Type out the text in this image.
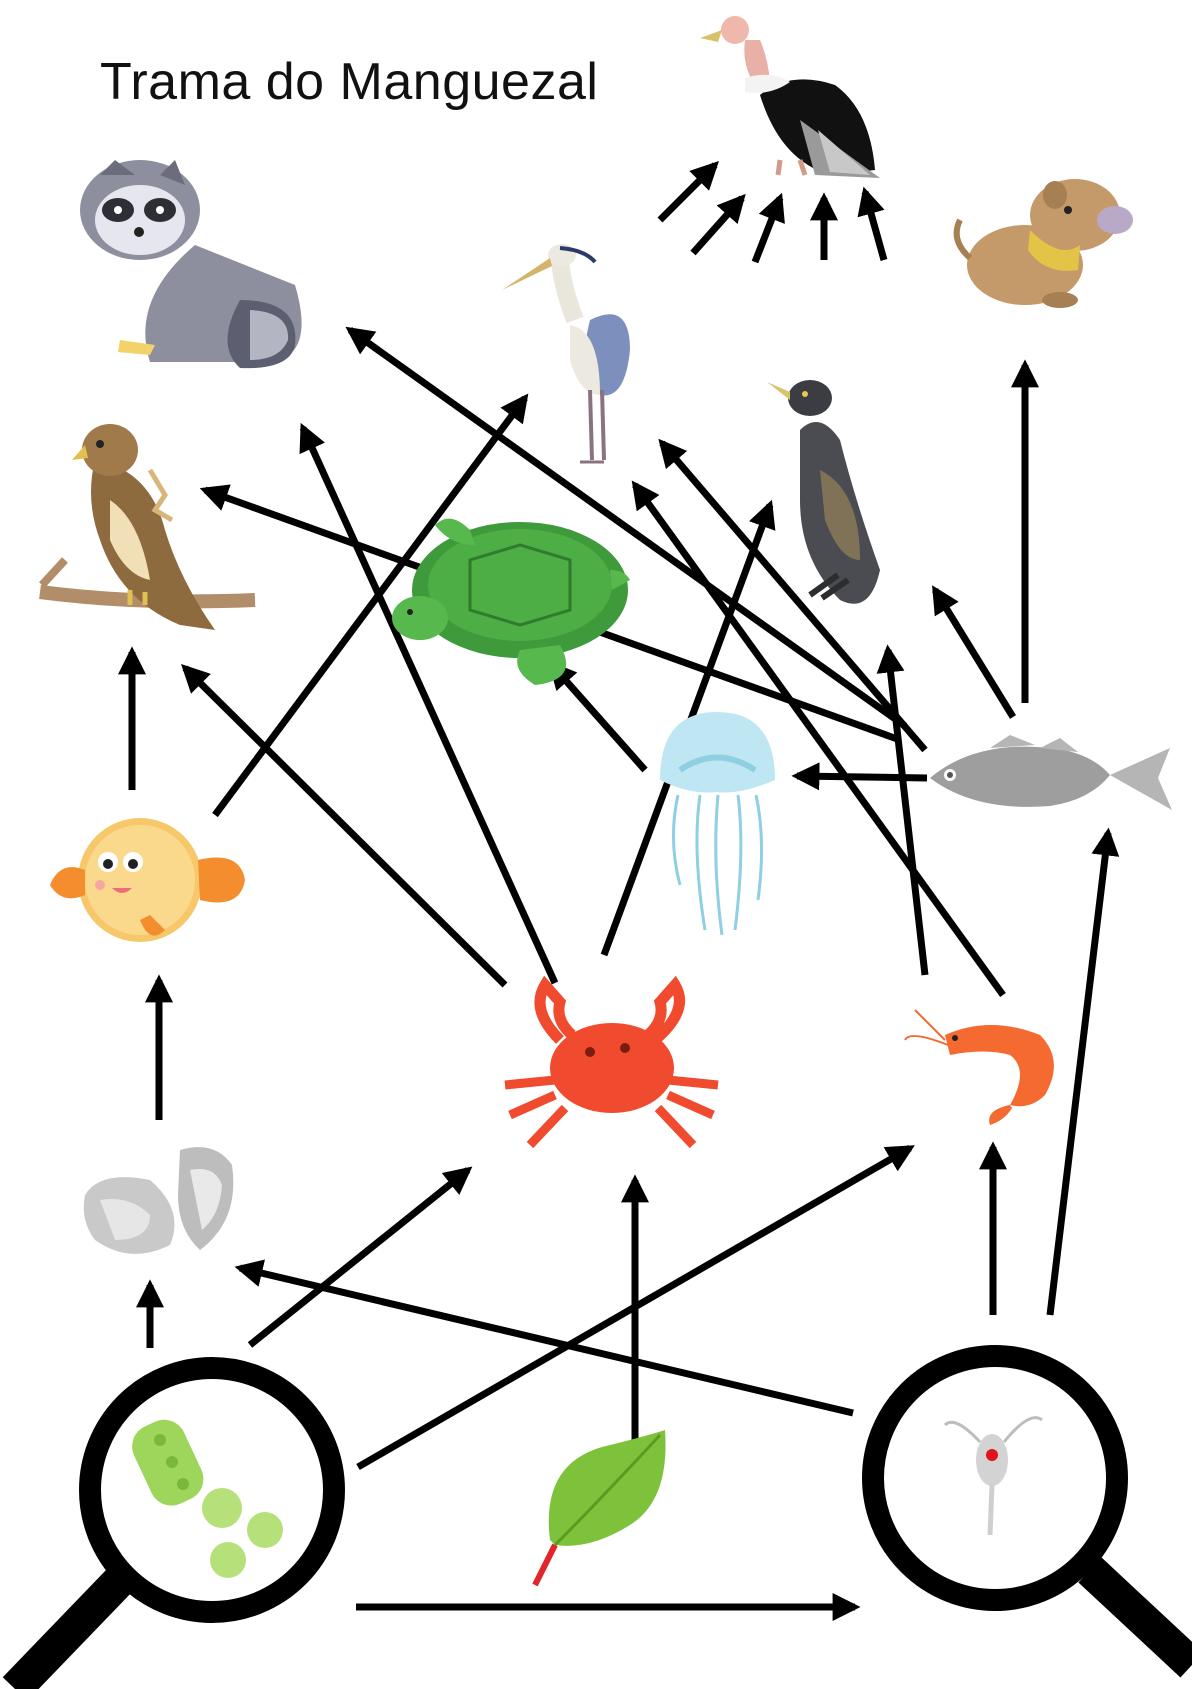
Trama do Manguezal
